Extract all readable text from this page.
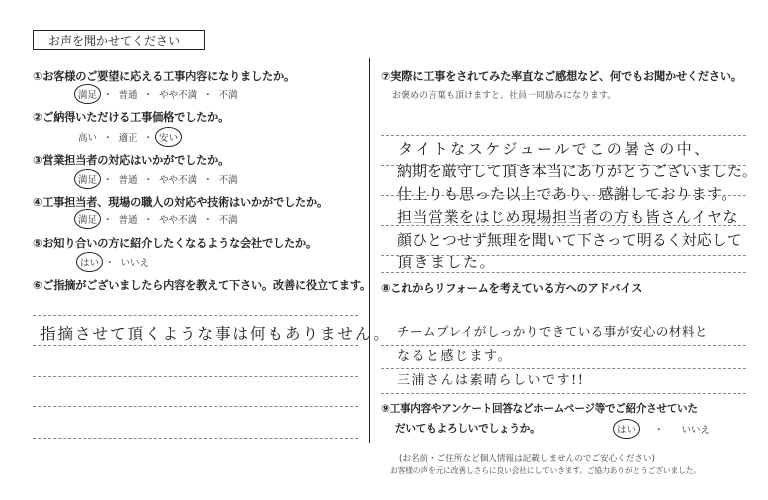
お声を聞かせてください
①お客様のご要望に応える工事内容になりましたか。
満足 ・ 普通 ・ やや不満 ・ 不満
②ご納得いただける工事価格でしたか。
高い ・ 適正 ・ 安い
③営業担当者の対応はいかがでしたか。
満足 ・ 普通 ・ やや不満 ・ 不満
④工事担当者、現場の職人の対応や技術はいかがでしたか。
満足 ・ 普通 ・ やや不満 ・ 不満
⑤お知り合いの方に紹介したくなるような会社でしたか。
はい ・ いいえ
⑥ご指摘がございましたら内容を教えて下さい。改善に役立てます。
指摘させて頂くような事は何もありません。
⑦実際に工事をされてみた率直なご感想など、何でもお聞かせください。
お褒めの言葉も頂けますと、社員一同励みになります。
タイトなスケジュールでこの暑さの中、
納期を厳守して頂き本当にありがとうございました。
仕上りも思った以上であり、感謝しております。
担当営業をはじめ現場担当者の方も皆さんイヤな
顔ひとつせず無理を聞いて下さって明るく対応して
頂きました。
⑧これからリフォームを考えている方へのアドバイス
チームプレイがしっかりできている事が安心の材料と
なると感じます。
三浦さんは素晴らしいです!!
⑨工事内容やアンケート回答などホームページ等でご紹介させていた
だいてもよろしいでしょうか。	はい ・ いいえ
(お名前・ご住所など個人情報は記載しませんのでご安心ください)
お客様の声を元に改善しさらに良い会社にしていきます。ご協力ありがとうございました。
